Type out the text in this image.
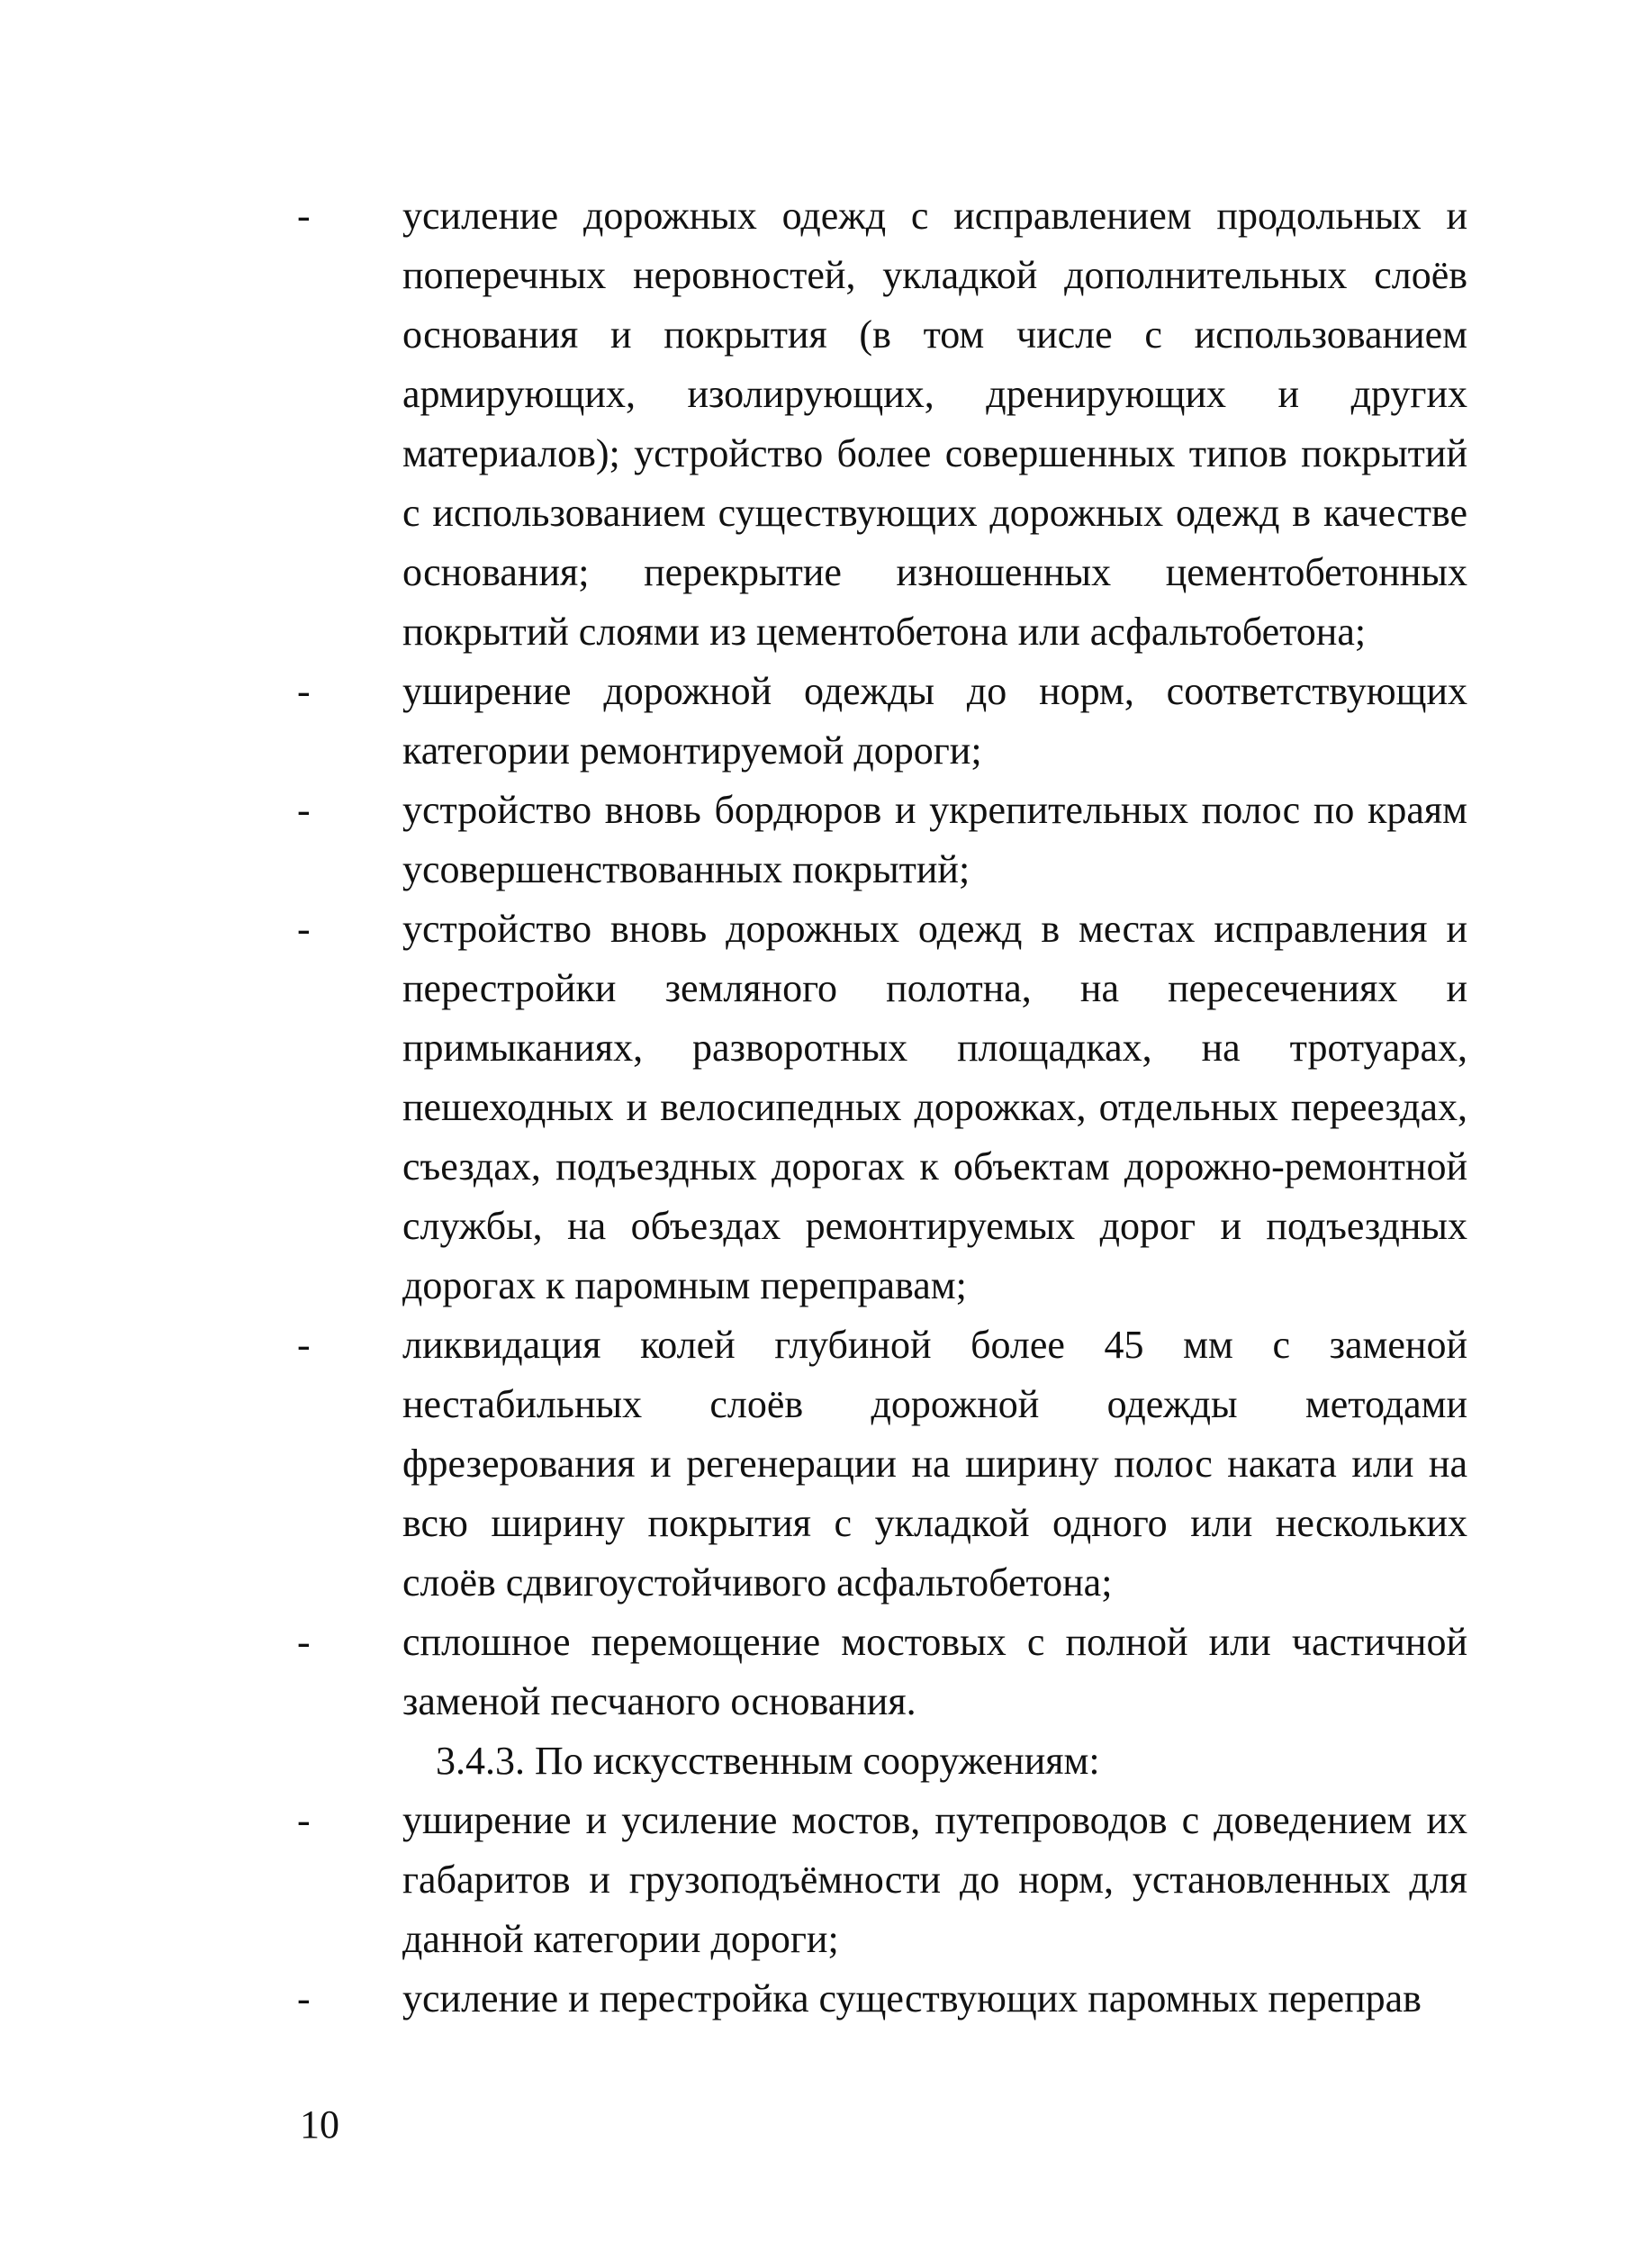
- усиление дорожных одежд с исправлением продольных и поперечных неровностей, укладкой дополнительных слоёв основания и покрытия (в том числе с использованием армирующих, изолирующих, дренирующих и других материалов); устройство более совершенных типов покрытий с использованием существующих дорожных одежд в качестве основания; перекрытие изношенных цементобетонных покрытий слоями из цементобетона или асфальтобетона;
- уширение дорожной одежды до норм, соответствующих категории ремонтируемой дороги;
- устройство вновь бордюров и укрепительных полос по краям усовершенствованных покрытий;
- устройство вновь дорожных одежд в местах исправления и перестройки земляного полотна, на пересечениях и примыканиях, разворотных площадках, на тротуарах, пешеходных и велосипедных дорожках, отдельных переездах, съездах, подъездных дорогах к объектам дорожно-ремонтной службы, на объездах ремонтируемых дорог и подъездных дорогах к паромным переправам;
- ликвидация колей глубиной более 45 мм с заменой нестабильных слоёв дорожной одежды методами фрезерования и регенерации на ширину полос наката или на всю ширину покрытия с укладкой одного или нескольких слоёв сдвигоустойчивого асфальтобетона;
- сплошное перемощение мостовых с полной или частичной заменой песчаного основания.
3.4.3. По искусственным сооружениям:
- уширение и усиление мостов, путепроводов с доведением их габаритов и грузоподъёмности до норм, установленных для данной категории дороги;
- усиление и перестройка существующих паромных переправ
10
